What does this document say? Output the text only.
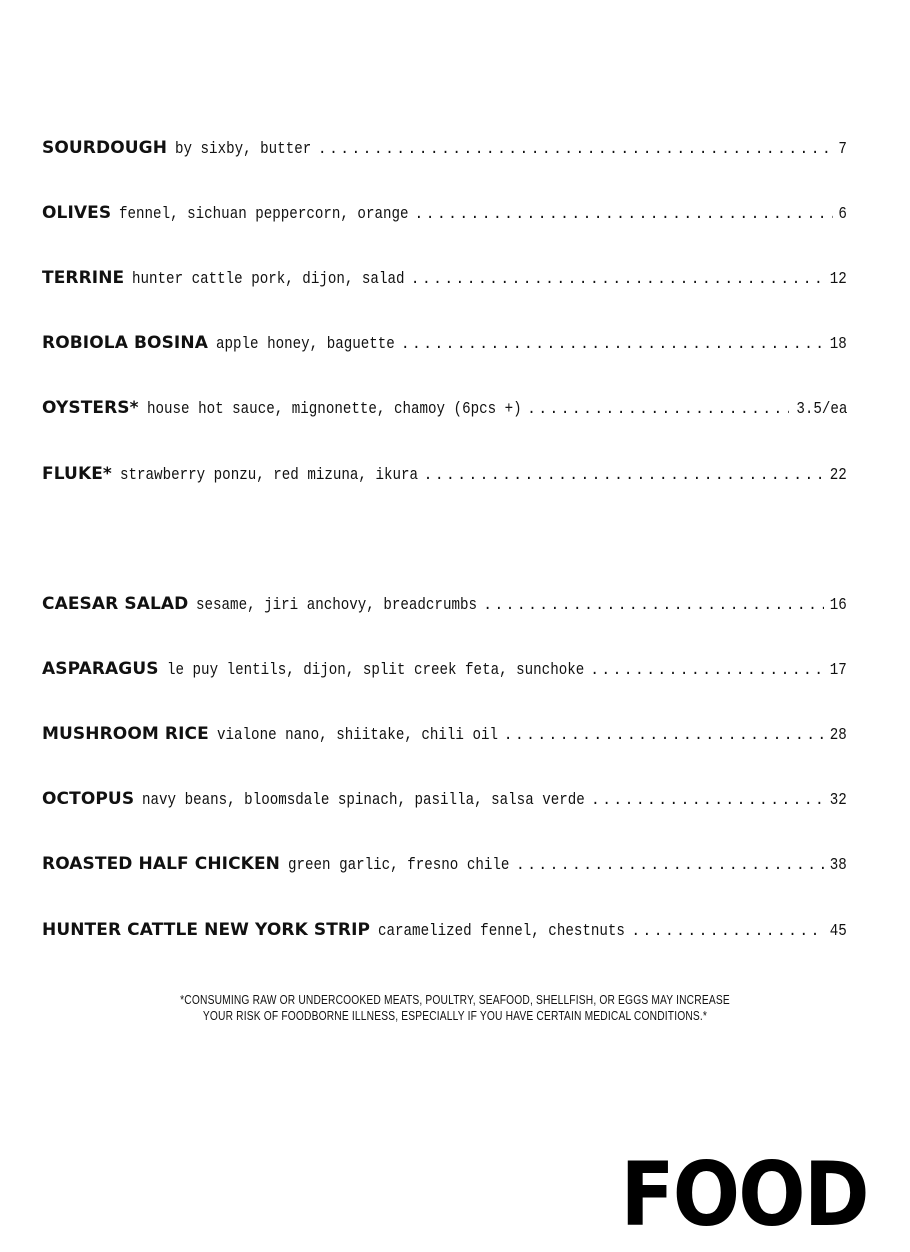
SOURDOUGH by sixby, butter .....	7
OLIVES fennel, sichuan peppercorn, orange .....	6
TERRINE hunter cattle pork, dijon, salad .....	12
ROBIOLA BOSINA apple honey, baguette .....	18
OYSTERS* house hot sauce, mignonette, chamoy (6pcs +) .....	3.5/ea
FLUKE* strawberry ponzu, red mizuna, ikura .....	22
CAESAR SALAD sesame, jiri anchovy, breadcrumbs .....	16
ASPARAGUS le puy lentils, dijon, split creek feta, sunchoke .....	17
MUSHROOM RICE vialone nano, shiitake, chili oil .....	28
OCTOPUS navy beans, bloomsdale spinach, pasilla, salsa verde .....	32
ROASTED HALF CHICKEN green garlic, fresno chile .....	38
HUNTER CATTLE NEW YORK STRIP caramelized fennel, chestnuts .....	45
*CONSUMING RAW OR UNDERCOOKED MEATS, POULTRY, SEAFOOD, SHELLFISH, OR EGGS MAY INCREASE
YOUR RISK OF FOODBORNE ILLNESS, ESPECIALLY IF YOU HAVE CERTAIN MEDICAL CONDITIONS.*
FOOD
